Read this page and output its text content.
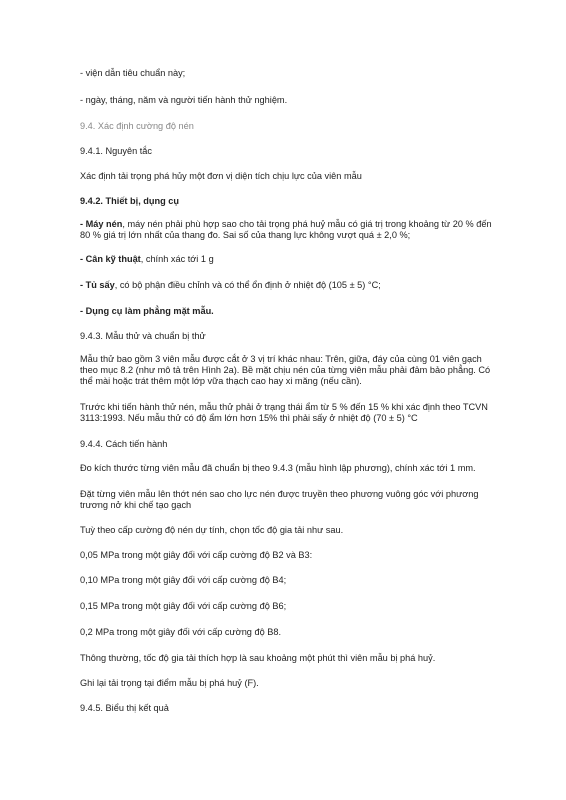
- viện dẫn tiêu chuẩn này;

- ngày, tháng, năm và người tiến hành thử nghiệm.

9.4. Xác định cường độ nén

9.4.1. Nguyên tắc

Xác định tải trọng phá hủy một đơn vị diện tích chịu lực của viên mẫu

9.4.2. Thiết bị, dụng cụ

- Máy nén, máy nén phải phù hợp sao cho tải trọng phá huỷ mẫu có giá trị trong khoảng từ 20 % đến 80 % giá trị lớn nhất của thang đo. Sai số của thang lực không vượt quá ± 2,0 %;

- Cân kỹ thuật, chính xác tới 1 g

- Tủ sấy, có bộ phận điều chỉnh và có thể ổn định ở nhiệt độ (105 ± 5) °C;

- Dụng cụ làm phẳng mặt mẫu.

9.4.3. Mẫu thử và chuẩn bị thử

Mẫu thử bao gồm 3 viên mẫu được cắt ở 3 vị trí khác nhau: Trên, giữa, đáy của cùng 01 viên gạch theo mục 8.2 (như mô tả trên Hình 2a). Bề mặt chịu nén của từng viên mẫu phải đảm bảo phẳng. Có thể mài hoặc trát thêm một lớp vữa thạch cao hay xi măng (nếu cần).

Trước khi tiến hành thử nén, mẫu thử phải ở trạng thái ẩm từ 5 % đến 15 % khi xác định theo TCVN 3113:1993. Nếu mẫu thử có độ ẩm lớn hơn 15% thì phải sấy ở nhiệt độ (70 ± 5) °C

9.4.4. Cách tiến hành

Đo kích thước từng viên mẫu đã chuẩn bị theo 9.4.3 (mẫu hình lập phương), chính xác tới 1 mm.

Đặt từng viên mẫu lên thớt nén sao cho lực nén được truyền theo phương vuông góc với phương trương nở khi chế tạo gạch

Tuỳ theo cấp cường độ nén dự tính, chọn tốc độ gia tải như sau.

0,05 MPa trong một giây đối với cấp cường độ B2 và B3:

0,10 MPa trong một giây đối với cấp cường độ B4;

0,15 MPa trong một giây đối với cấp cường độ B6;

0,2 MPa trong một giây đối với cấp cường độ B8.

Thông thường, tốc độ gia tải thích hợp là sau khoảng một phút thì viên mẫu bị phá huỷ.

Ghi lại tải trọng tại điểm mẫu bị phá huỷ (F).

9.4.5. Biểu thị kết quả
